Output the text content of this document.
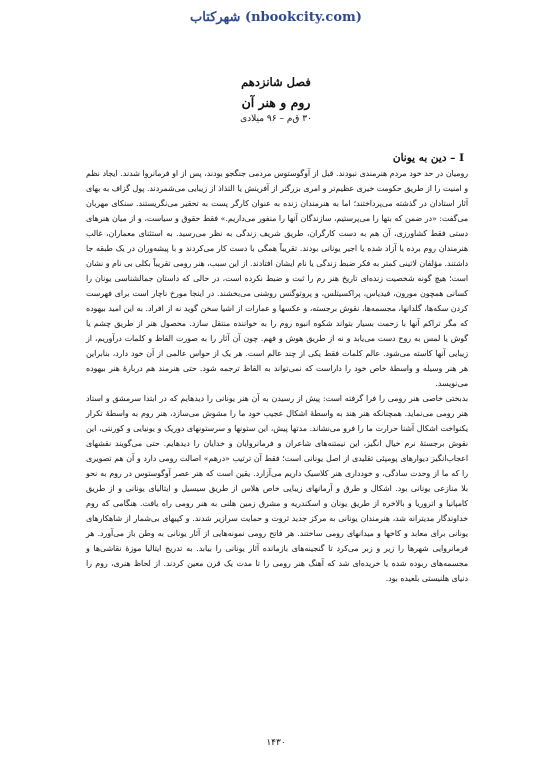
شهرکتاب (nbookcity.com)
فصل شانزدهم
روم و هنر آن
۳۰ ق‌م – ۹۶ میلادی
I – دین به یونان

رومیان در حد خود مردم هنرمندی نبودند. قبل از آوگوستوس مردمی جنگجو بودند، پس از او فرمانروا شدند. ایجاد نظم و امنیت را از طریق حکومت خیری عظیم‌تر و امری بزرگتر از آفرینش یا التذاذ از زیبایی می‌شمردند. پول گزاف به بهای آثار استادان در گذشته می‌پرداختند؛ اما به هنرمندان زنده به عنوان کارگر پست به تحقیر می‌نگریستند. سنکای مهربان می‌گفت: «در ضمن که بتها را می‌پرستیم، سازندگان آنها را منفور می‌داریم.» فقط حقوق و سیاست، و از میان هنرهای دستی فقط کشاورزی، آن هم به دست کارگران، طریق شریف زندگی به نظر می‌رسید. به استثنای معماران، غالب هنرمندان روم برده یا آزاد شده یا اجیر یونانی بودند. تقریباً همگی با دست کار می‌کردند و با پیشه‌وران در یک طبقه جا داشتند. مؤلفان لاتینی کمتر به فکر ضبط زندگی یا نام ایشان افتادند. از این سبب، هنر رومی تقریباً بکلی بی نام و نشان است؛ هیچ گونه شخصیت زنده‌ای تاریخ هنر رم را ثبت و ضبط نکرده است، در حالی که داستان جمالشناسی یونان را کسانی همچون مورون، فیدیاس، پراکسیتلس، و پروتوگنس روشنی می‌بخشند. در اینجا مورخ ناچار است برای فهرست کردن سکه‌ها، گلدانها، مجسمه‌ها، نقوش برجسته، و عکسها و عمارات از اشیا سخن گوید نه از افراد. به این امید بیهوده که مگر تراکم آنها با زحمت بسیار بتواند شکوه انبوه روم را به خواننده منتقل سازد. محصول هنر از طریق چشم یا گوش یا لمس به روح دست می‌یابد و نه از طریق هوش و فهم. چون آن آثار را به صورت الفاظ و کلمات درآوریم، از زیبایی آنها کاسته می‌شود. عالم کلمات فقط یکی از چند عالم است. هر یک از حواس عالمی از آن خود دارد، بنابراین هر هنر وسیله و واسطهٔ خاص خود را داراست که نمی‌تواند به الفاظ ترجمه شود. حتی هنرمند هم دربارهٔ هنر بیهوده می‌نویسد.

بدبختی خاصی هنر رومی را فرا گرفته است: پیش از رسیدن به آن هنر یونانی را دیدهایم که در ابتدا سرمشق و استاد هنر رومی می‌نماید. همچنانکه هنر هند به واسطهٔ اشکال عجیب خود ما را مشوش می‌سازد، هنر روم به واسطهٔ تکرار یکنواخت اشکال آشنا حرارت ما را فرو می‌نشاند. مدتها پیش، این ستونها و سرستونهای دوریک و یونیایی و کورنتی، این نقوش برجستهٔ نرم خیال انگیز، این نیمتنه‌های شاعران و فرمانروایان و خدایان را دیدهایم. حتی می‌گویند نقشهای اعجاب‌انگیز دیوارهای پومپئی تقلیدی از اصل یونانی است؛ فقط آن ترتیب «درهم» اصالت رومی دارد و آن هم تصویری را که ما از وحدت سادگی، و خودداری هنر کلاسیک داریم می‌آزارد. یقین است که هنر عصر آوگوستوس در روم به نحو بلا منازعی یونانی بود. اشکال و طرق و آرمانهای زیبایی خاص هلاس از طریق سیسیل و ایتالیای یونانی و از طریق کامپانیا و اتروریا و بالاخره از طریق یونان و اسکندریه و مشرق زمین هلنی به هنر رومی راه یافت. هنگامی که روم خداوندگار مدیترانه شد، هنرمندان یونانی به مرکز جدید ثروت و حمایت سرازیر شدند. و کپیهای بی‌شمار از شاهکارهای یونانی برای معابد و کاخها و میدانهای رومی ساختند. هر فاتح رومی نمونه‌هایی از آثار یونانی به وطن باز می‌آورد. هر فرمانروایی شهرها را زیر و زبر می‌کرد تا گنجینه‌های بازمانده آثار یونانی را بیابد. به تدریج ایتالیا موزهٔ نقاشی‌ها و مجسمه‌های ربوده شده یا خریده‌ای شد که آهنگ هنر رومی را تا مدت یک قرن معین کردند. از لحاظ هنری، روم را دنیای هلنیستی بلعیده بود.

۱۴۳۰
